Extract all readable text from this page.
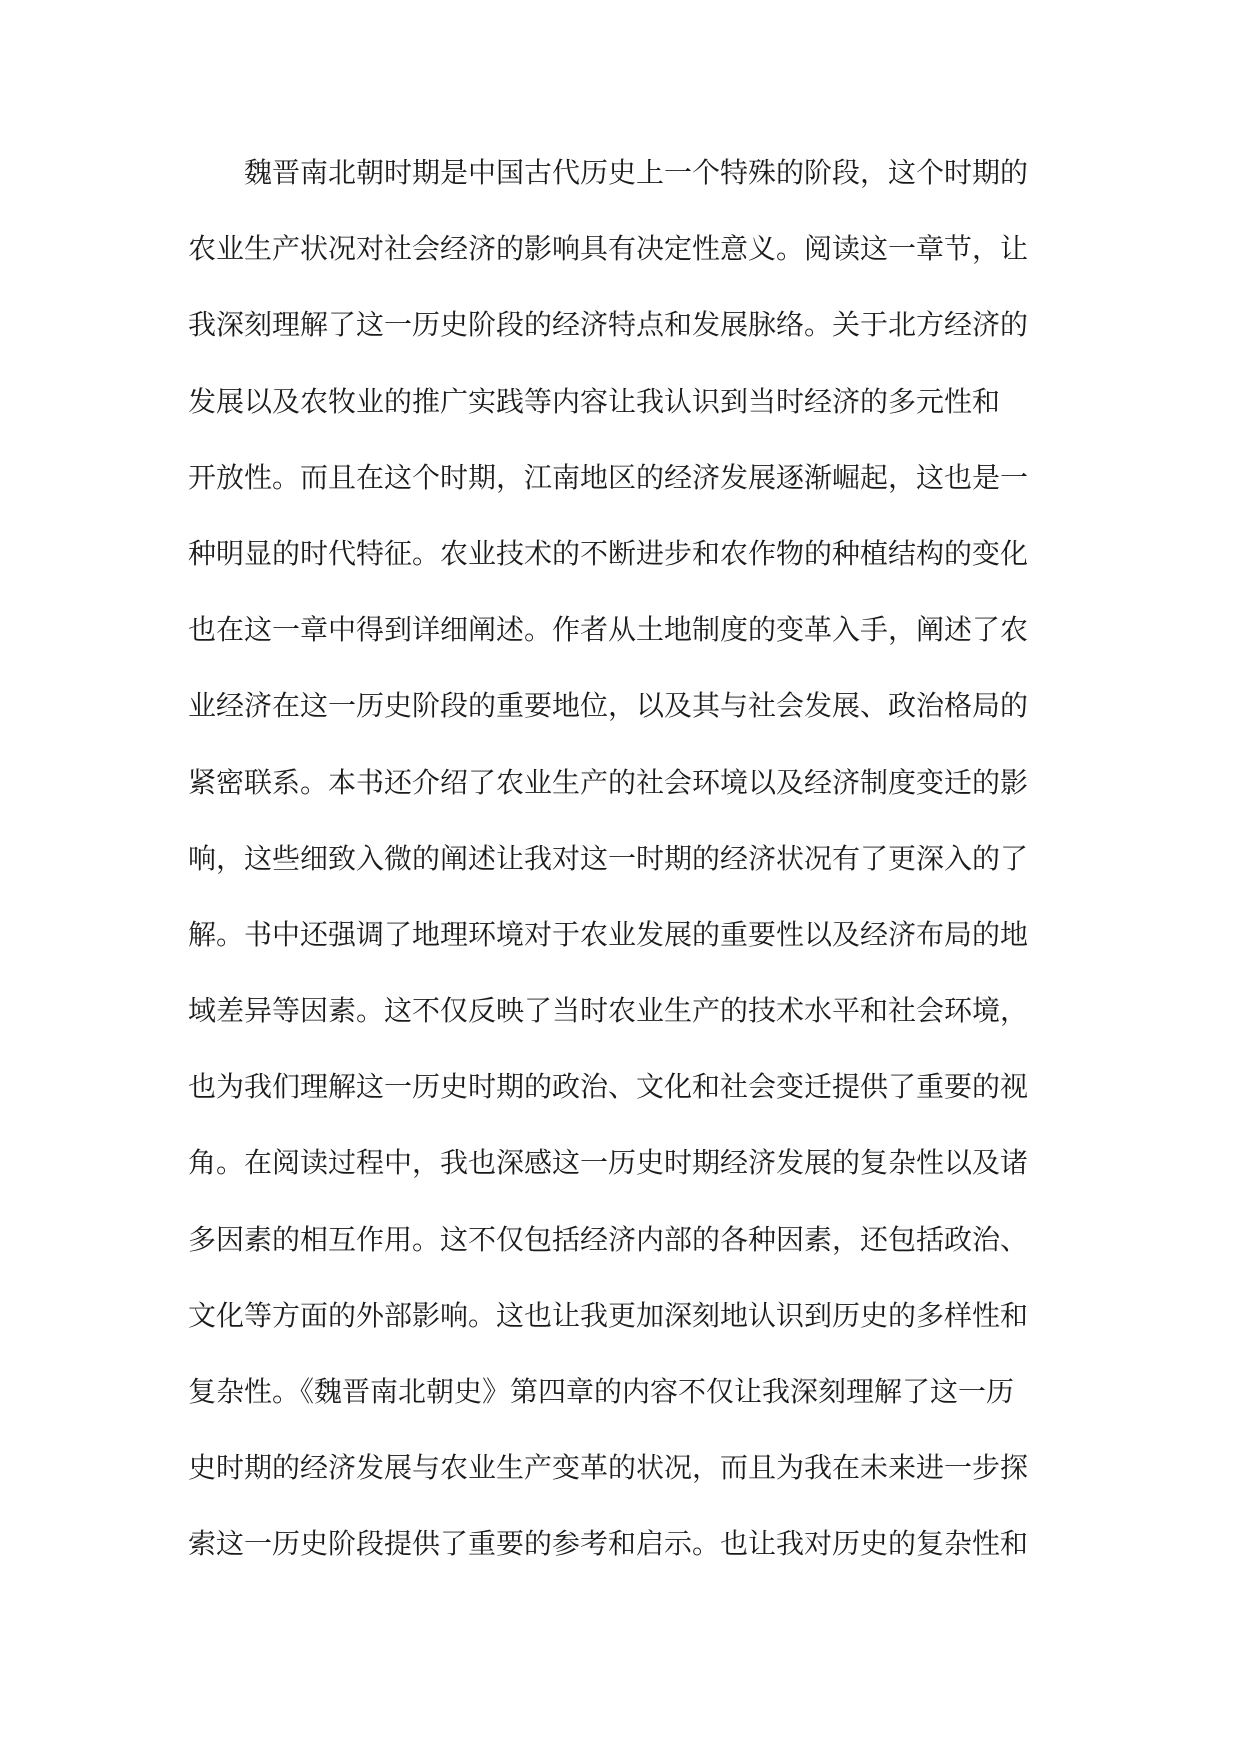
魏晋南北朝时期是中国古代历史上一个特殊的阶段，这个时期的
农业生产状况对社会经济的影响具有决定性意义。阅读这一章节，让
我深刻理解了这一历史阶段的经济特点和发展脉络。关于北方经济的
发展以及农牧业的推广实践等内容让我认识到当时经济的多元性和
开放性。而且在这个时期，江南地区的经济发展逐渐崛起，这也是一
种明显的时代特征。农业技术的不断进步和农作物的种植结构的变化
也在这一章中得到详细阐述。作者从土地制度的变革入手，阐述了农
业经济在这一历史阶段的重要地位，以及其与社会发展、政治格局的
紧密联系。本书还介绍了农业生产的社会环境以及经济制度变迁的影
响，这些细致入微的阐述让我对这一时期的经济状况有了更深入的了
解。书中还强调了地理环境对于农业发展的重要性以及经济布局的地
域差异等因素。这不仅反映了当时农业生产的技术水平和社会环境，
也为我们理解这一历史时期的政治、文化和社会变迁提供了重要的视
角。在阅读过程中，我也深感这一历史时期经济发展的复杂性以及诸
多因素的相互作用。这不仅包括经济内部的各种因素，还包括政治、
文化等方面的外部影响。这也让我更加深刻地认识到历史的多样性和
复杂性。《魏晋南北朝史》第四章的内容不仅让我深刻理解了这一历
史时期的经济发展与农业生产变革的状况，而且为我在未来进一步探
索这一历史阶段提供了重要的参考和启示。也让我对历史的复杂性和
